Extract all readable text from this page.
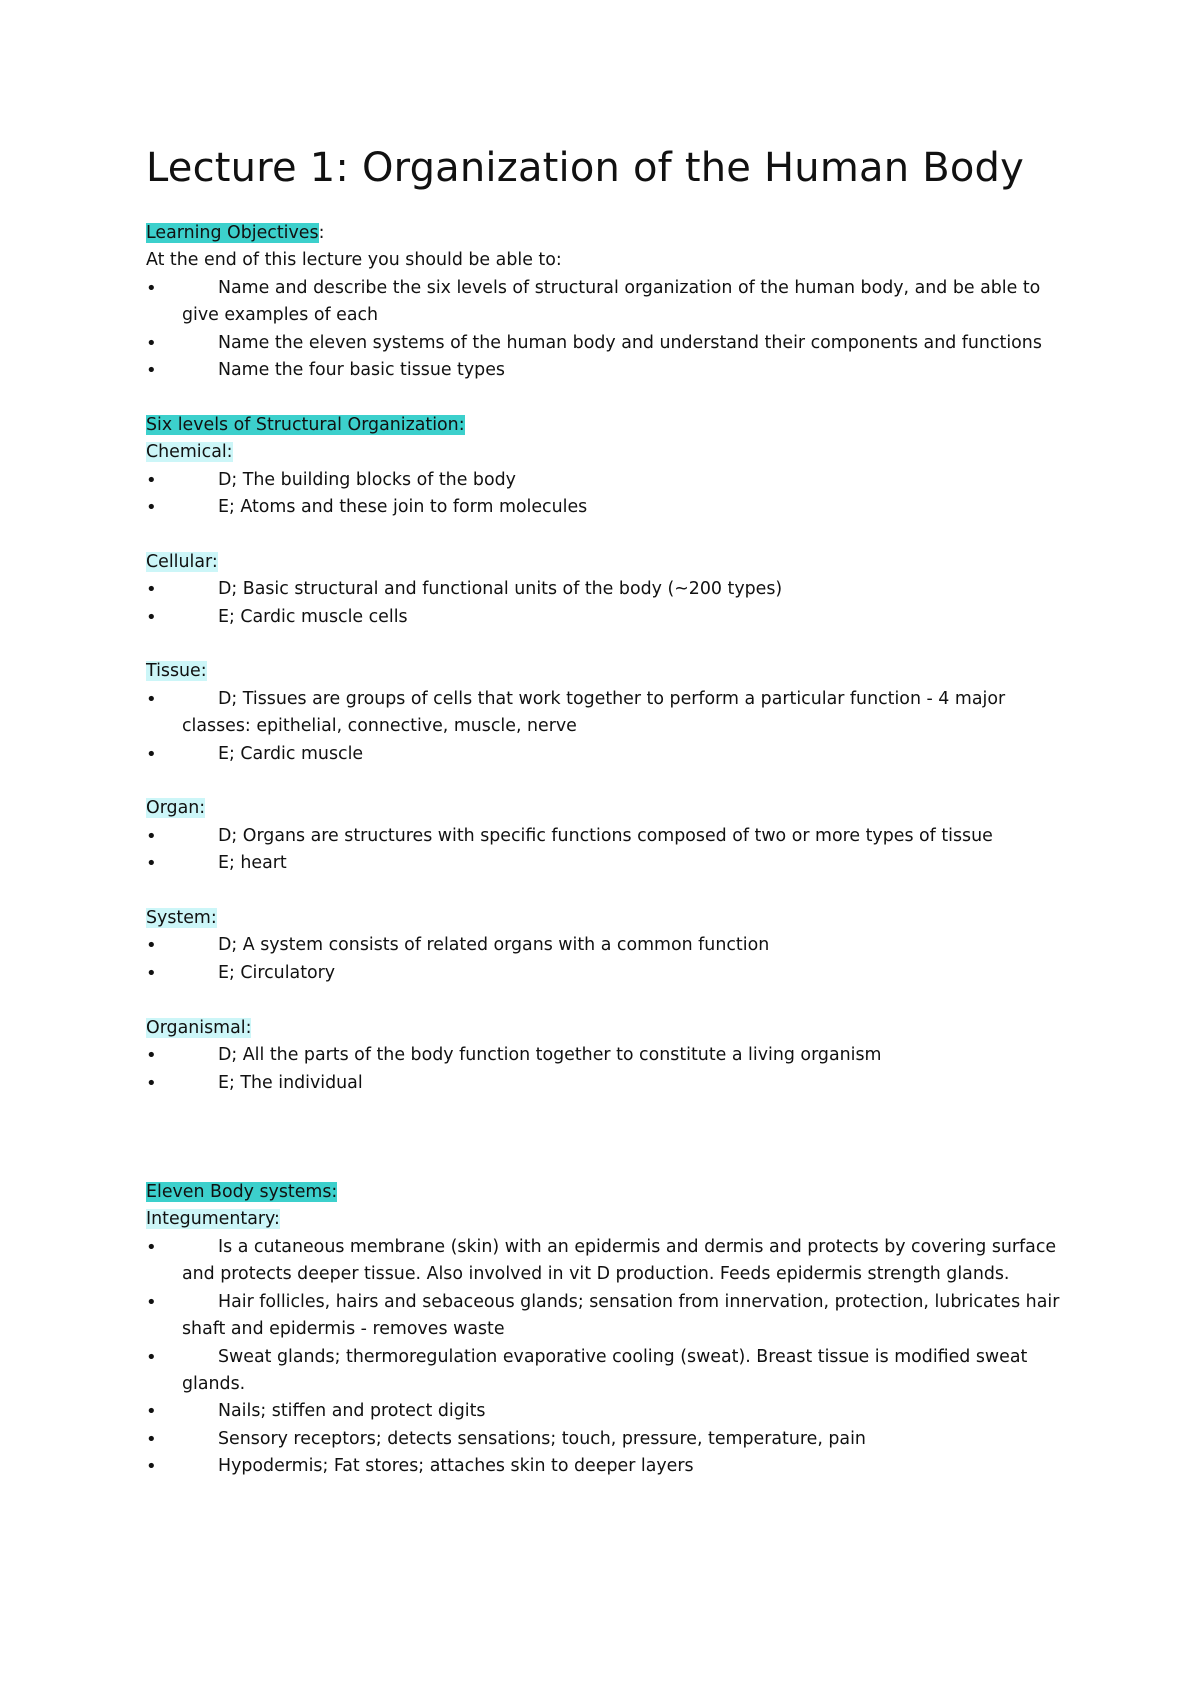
Lecture 1: Organization of the Human Body

Learning Objectives:

At the end of this lecture you should be able to:

• Name and describe the six levels of structural organization of the human body, and be able to give examples of each
• Name the eleven systems of the human body and understand their components and functions
• Name the four basic tissue types

Six levels of Structural Organization:

Chemical:

• D; The building blocks of the body
• E; Atoms and these join to form molecules

Cellular:

• D; Basic structural and functional units of the body (~200 types)
• E; Cardic muscle cells

Tissue:

• D; Tissues are groups of cells that work together to perform a particular function - 4 major classes: epithelial, connective, muscle, nerve
• E; Cardic muscle

Organ:

• D; Organs are structures with specific functions composed of two or more types of tissue
• E; heart

System:

• D; A system consists of related organs with a common function
• E; Circulatory

Organismal:

• D; All the parts of the body function together to constitute a living organism
• E; The individual

Eleven Body systems:

Integumentary:

• Is a cutaneous membrane (skin) with an epidermis and dermis and protects by covering surface and protects deeper tissue. Also involved in vit D production. Feeds epidermis strength glands.
• Hair follicles, hairs and sebaceous glands; sensation from innervation, protection, lubricates hair shaft and epidermis - removes waste
• Sweat glands; thermoregulation evaporative cooling (sweat). Breast tissue is modified sweat glands.
• Nails; stiffen and protect digits
• Sensory receptors; detects sensations; touch, pressure, temperature, pain
• Hypodermis; Fat stores; attaches skin to deeper layers
